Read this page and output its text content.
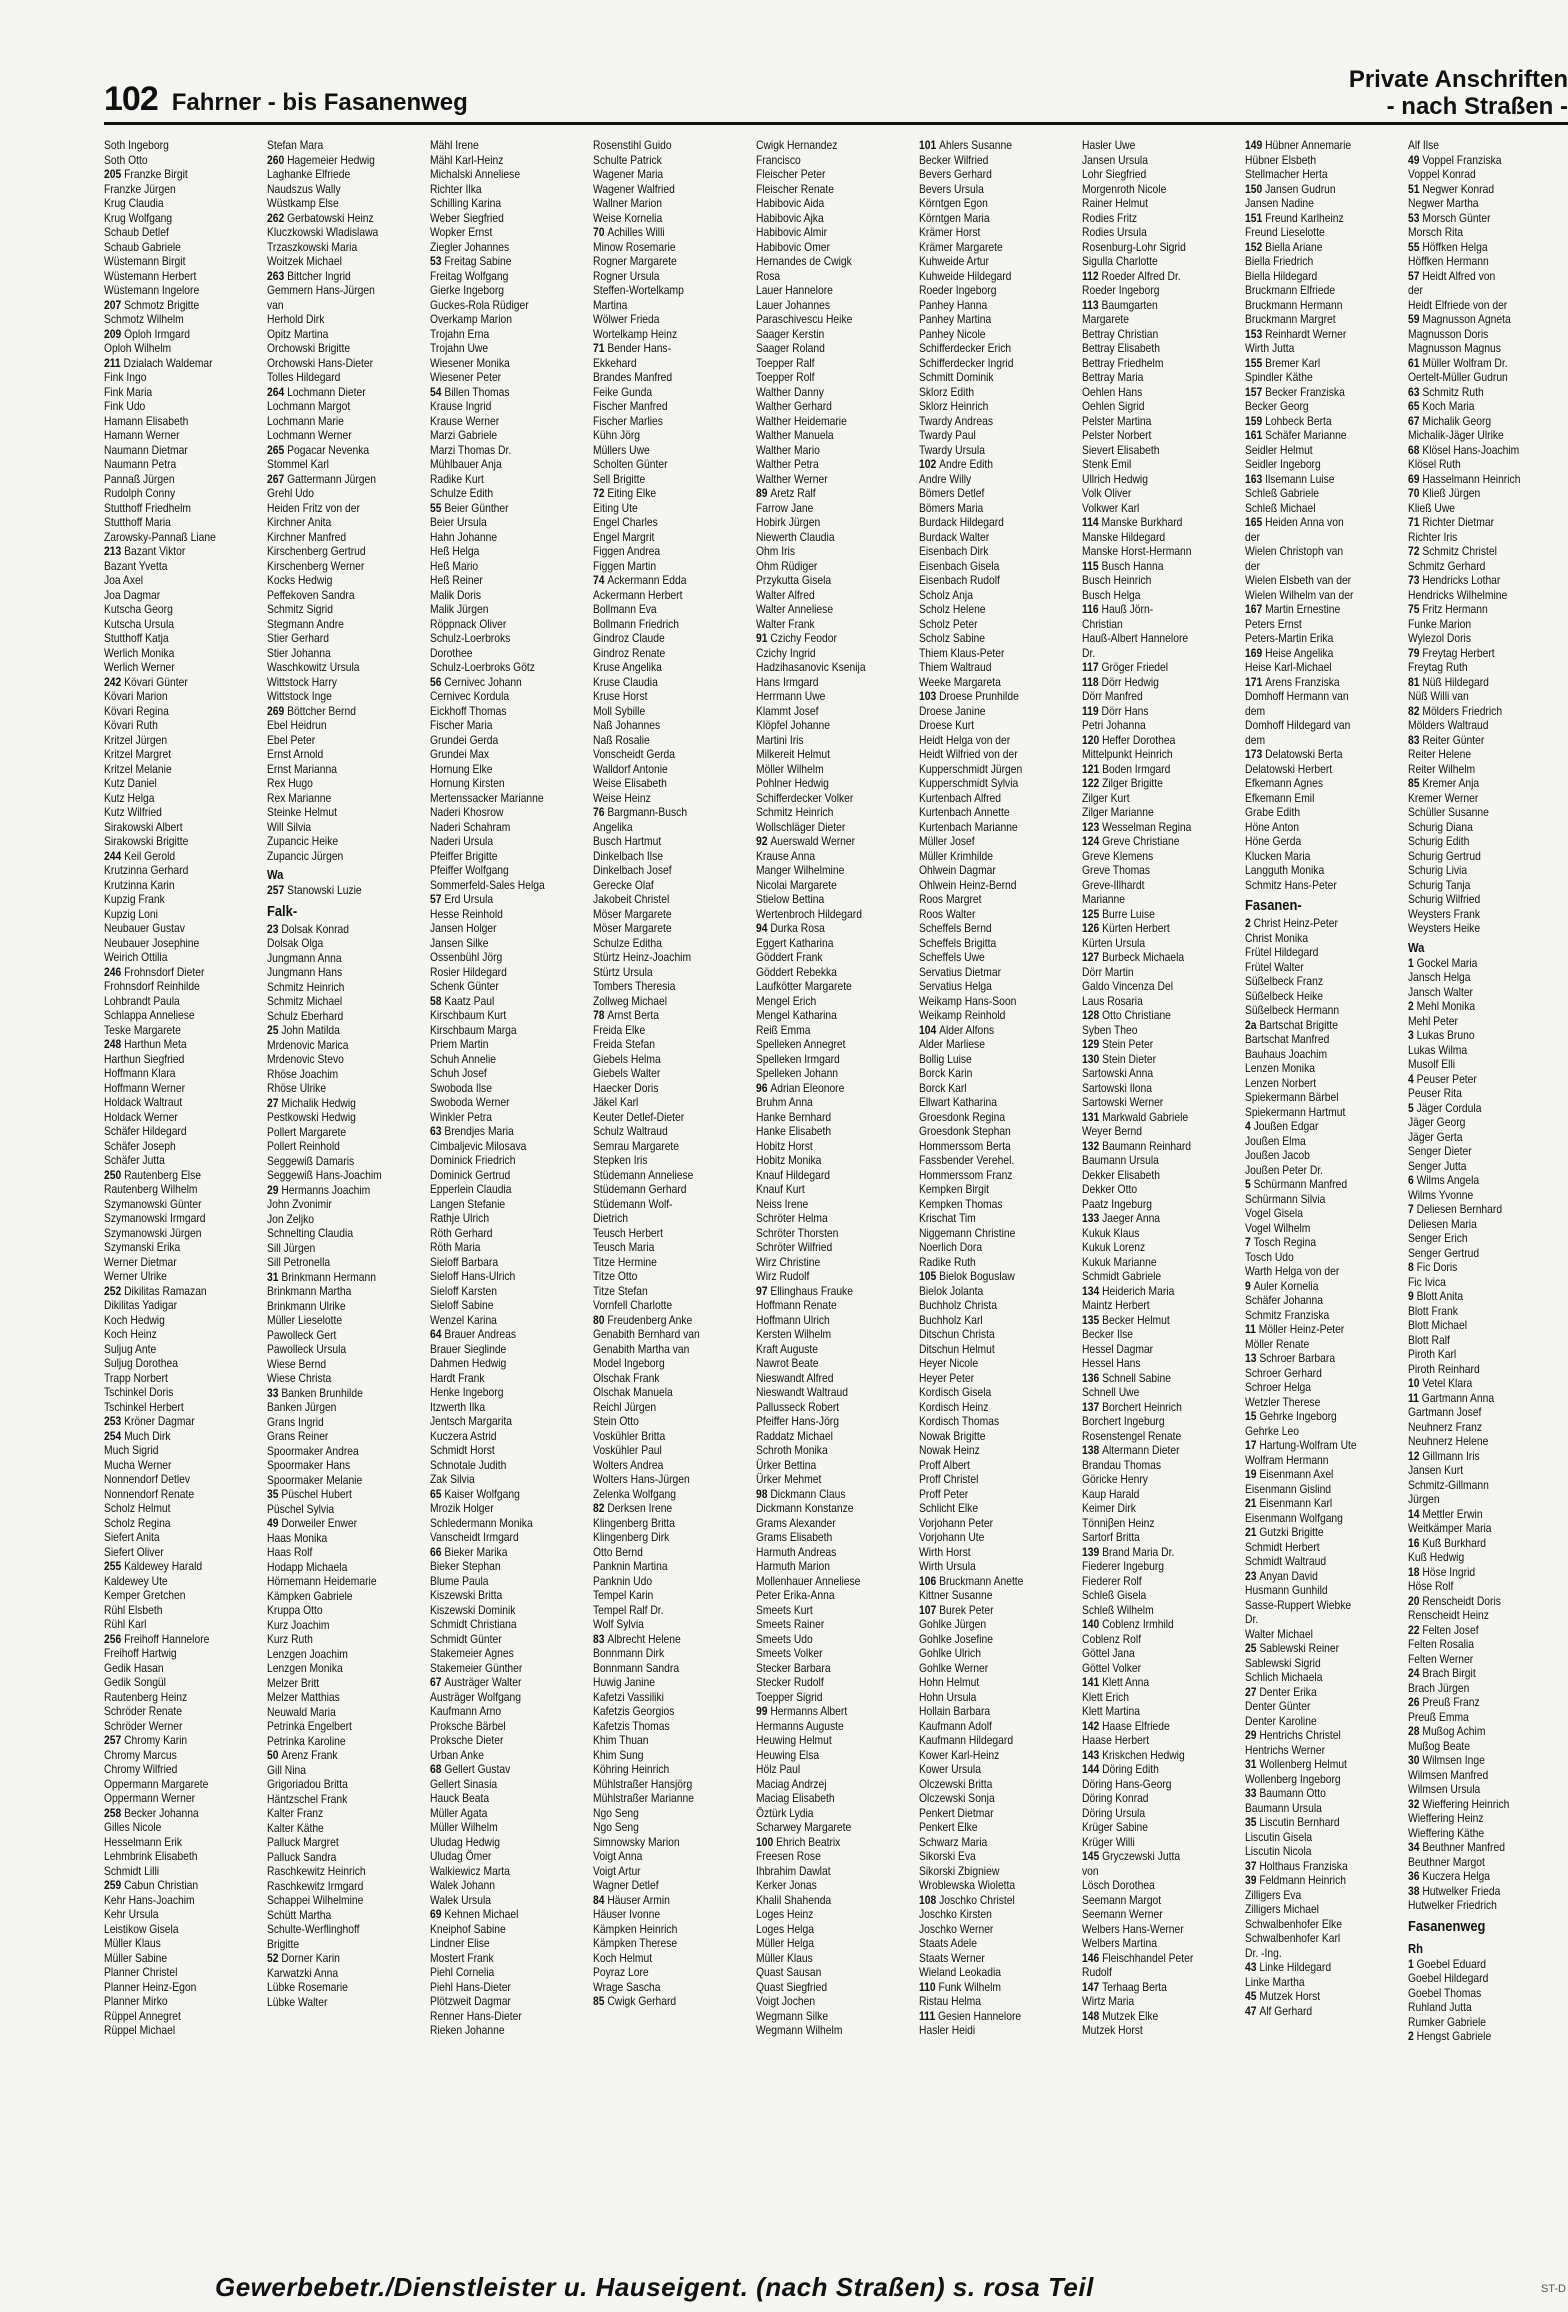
102 Fahrner - bis Fasanenweg
Private Anschriften
- nach Straßen -
Soth Ingeborg
Soth Otto
205 Franzke Birgit
Franzke Jürgen
Krug Claudia
Krug Wolfgang
Schaub Detlef
Schaub Gabriele
Wüstemann Birgit
Wüstemann Herbert
Wüstemann Ingelore
207 Schmotz Brigitte
Schmotz Wilhelm
209 Oploh Irmgard
Oploh Wilhelm
211 Dzialach Waldemar
Fink Ingo
Fink Maria
Fink Udo
Hamann Elisabeth
Hamann Werner
Naumann Dietmar
Naumann Petra
Pannaß Jürgen
Rudolph Conny
Stutthoff Friedhelm
Stutthoff Maria
Zarowsky-Pannaß Liane
213 Bazant Viktor
Bazant Yvetta
Joa Axel
Joa Dagmar
Kutscha Georg
Kutscha Ursula
Stutthoff Katja
Werlich Monika
Werlich Werner
242 Kövari Günter
Kövari Marion
Kövari Regina
Kövari Ruth
Kritzel Jürgen
Kritzel Margret
Kritzel Melanie
Kutz Daniel
Kutz Helga
Kutz Wilfried
Sirakowski Albert
Sirakowski Brigitte
244 Keil Gerold
Krutzinna Gerhard
Krutzinna Karin
Kupzig Frank
Kupzig Loni
Neubauer Gustav
Neubauer Josephine
Weirich Ottilia
246 Frohnsdorf Dieter
Frohnsdorf Reinhilde
Lohbrandt Paula
Schlappa Anneliese
Teske Margarete
248 Harthun Meta
Harthun Siegfried
Hoffmann Klara
Hoffmann Werner
Holdack Waltraut
Holdack Werner
Schäfer Hildegard
Schäfer Joseph
Schäfer Jutta
250 Rautenberg Else
Rautenberg Wilhelm
Szymanowski Günter
Szymanowski Irmgard
Szymanowski Jürgen
Szymanski Erika
Werner Dietmar
Werner Ulrike
252 Dikilitas Ramazan
Dikilitas Yadigar
Koch Hedwig
Koch Heinz
Suljug Ante
Suljug Dorothea
Trapp Norbert
Tschinkel Doris
Tschinkel Herbert
253 Kröner Dagmar
254 Much Dirk
Much Sigrid
Mucha Werner
Nonnendorf Detlev
Nonnendorf Renate
Scholz Helmut
Scholz Regina
Siefert Anita
Siefert Oliver
255 Kaldewey Harald
Kaldewey Ute
Kemper Gretchen
Rühl Elsbeth
Rühl Karl
256 Freihoff Hannelore
Freihoff Hartwig
Gedik Hasan
Gedik Songül
Rautenberg Heinz
Schröder Renate
Schröder Werner
257 Chromy Karin
Chromy Marcus
Chromy Wilfried
Oppermann Margarete
Oppermann Werner
258 Becker Johanna
Gilles Nicole
Hesselmann Erik
Lehmbrink Elisabeth
Schmidt Lilli
259 Cabun Christian
Kehr Hans-Joachim
Kehr Ursula
Leistikow Gisela
Müller Klaus
Müller Sabine
Planner Christel
Planner Heinz-Egon
Planner Mirko
Rüppel Annegret
Rüppel Michael
Stefan Mara
260 Hagemeier Hedwig
Laghanke Elfriede
Naudszus Wally
Wüstkamp Else
262 Gerbatowski Heinz
Kluczkowski Wladislawa
Trzaszkowski Maria
Woitzek Michael
263 Bittcher Ingrid
Gemmern Hans-Jürgen
van
Herhold Dirk
Opitz Martina
Orchowski Brigitte
Orchowski Hans-Dieter
Tolles Hildegard
264 Lochmann Dieter
Lochmann Margot
Lochmann Marie
Lochmann Werner
265 Pogacar Nevenka
Stommel Karl
267 Gattermann Jürgen
Grehl Udo
Heiden Fritz von der
Kirchner Anita
Kirchner Manfred
Kirschenberg Gertrud
Kirschenberg Werner
Kocks Hedwig
Peffekoven Sandra
Schmitz Sigrid
Stegmann Andre
Stier Gerhard
Stier Johanna
Waschkowitz Ursula
Wittstock Harry
Wittstock Inge
269 Böttcher Bernd
Ebel Heidrun
Ebel Peter
Ernst Arnold
Ernst Marianna
Rex Hugo
Rex Marianne
Steinke Helmut
Will Silvia
Zupancic Heike
Zupancic Jürgen
Wa
257 Stanowski Luzie
Falk-
23 Dolsak Konrad
Dolsak Olga
Jungmann Anna
Jungmann Hans
Schmitz Heinrich
Schmitz Michael
Schulz Eberhard
25 John Matilda
Mrdenovic Marica
Mrdenovic Stevo
Rhöse Joachim
Rhöse Ulrike
27 Michalik Hedwig
Pestkowski Hedwig
Pollert Margarete
Pollert Reinhold
Seggewiß Damaris
Seggewiß Hans-Joachim
29 Hermanns Joachim
John Zvonimir
Jon Zeljko
Schnelting Claudia
Sill Jürgen
Sill Petronella
31 Brinkmann Hermann
Brinkmann Martha
Brinkmann Ulrike
Müller Lieselotte
Pawolleck Gert
Pawolleck Ursula
Wiese Bernd
Wiese Christa
33 Banken Brunhilde
Banken Jürgen
Grans Ingrid
Grans Reiner
Spoormaker Andrea
Spoormaker Hans
Spoormaker Melanie
35 Püschel Hubert
Püschel Sylvia
49 Dorweiler Enwer
Haas Monika
Haas Rolf
Hodapp Michaela
Hörnemann Heidemarie
Kämpken Gabriele
Kruppa Otto
Kurz Joachim
Kurz Ruth
Lenzgen Joachim
Lenzgen Monika
Melzer Britt
Melzer Matthias
Neuwald Maria
Petrinka Engelbert
Petrinka Karoline
50 Arenz Frank
Gill Nina
Grigoriadou Britta
Häntzschel Frank
Kalter Franz
Kalter Käthe
Palluck Margret
Palluck Sandra
Raschkewitz Heinrich
Raschkewitz Irmgard
Schappei Wilhelmine
Schütt Martha
Schulte-Werflinghoff
Brigitte
52 Dorner Karin
Karwatzki Anna
Lübke Rosemarie
Lübke Walter
Mähl Irene
Mähl Karl-Heinz
Michalski Anneliese
Richter Ilka
Schilling Karina
Weber Siegfried
Wopker Ernst
Ziegler Johannes
53 Freitag Sabine
Freitag Wolfgang
Gierke Ingeborg
Guckes-Rola Rüdiger
Overkamp Marion
Trojahn Erna
Trojahn Uwe
Wiesener Monika
Wiesener Peter
54 Billen Thomas
Krause Ingrid
Krause Werner
Marzi Gabriele
Marzi Thomas Dr.
Mühlbauer Anja
Radike Kurt
Schulze Edith
55 Beier Günther
Beier Ursula
Hahn Johanne
Heß Helga
Heß Mario
Heß Reiner
Malik Doris
Malik Jürgen
Röppnack Oliver
Schulz-Loerbroks
Dorothee
Schulz-Loerbroks Götz
56 Cernivec Johann
Cernivec Kordula
Eickhoff Thomas
Fischer Maria
Grundei Gerda
Grundei Max
Hornung Elke
Hornung Kirsten
Mertenssacker Marianne
Naderi Khosrow
Naderi Schahram
Naderi Ursula
Pfeiffer Brigitte
Pfeiffer Wolfgang
Sommerfeld-Sales Helga
57 Erd Ursula
Hesse Reinhold
Jansen Holger
Jansen Silke
Ossenbühl Jörg
Rosier Hildegard
Schenk Günter
58 Kaatz Paul
Kirschbaum Kurt
Kirschbaum Marga
Priem Martin
Schuh Annelie
Schuh Josef
Swoboda Ilse
Swoboda Werner
Winkler Petra
63 Brendjes Maria
Cimbaljevic Milosava
Dominick Friedrich
Dominick Gertrud
Epperlein Claudia
Langen Stefanie
Rathje Ulrich
Röth Gerhard
Röth Maria
Sieloff Barbara
Sieloff Hans-Ulrich
Sieloff Karsten
Sieloff Sabine
Wenzel Karina
64 Brauer Andreas
Brauer Sieglinde
Dahmen Hedwig
Hardt Frank
Henke Ingeborg
Itzwerth Ilka
Jentsch Margarita
Kuczera Astrid
Schmidt Horst
Schnotale Judith
Zak Silvia
65 Kaiser Wolfgang
Mrozik Holger
Schledermann Monika
Vanscheidt Irmgard
66 Bieker Marika
Bieker Stephan
Blume Paula
Kiszewski Britta
Kiszewski Dominik
Schmidt Christiana
Schmidt Günter
Stakemeier Agnes
Stakemeier Günther
67 Austräger Walter
Austräger Wolfgang
Kaufmann Arno
Proksche Bärbel
Proksche Dieter
Urban Anke
68 Gellert Gustav
Gellert Sinasia
Hauck Beata
Müller Agata
Müller Wilhelm
Uludag Hedwig
Uludag Ömer
Walkiewicz Marta
Walek Johann
Walek Ursula
69 Kehnen Michael
Kneiphof Sabine
Lindner Elise
Mostert Frank
Piehl Cornelia
Piehl Hans-Dieter
Plötzweit Dagmar
Renner Hans-Dieter
Rieken Johanne
Rosenstihl Guido
Schulte Patrick
Wagener Maria
Wagener Walfried
Wallner Marion
Weise Kornelia
70 Achilles Willi
Minow Rosemarie
Rogner Margarete
Rogner Ursula
Steffen-Wortelkamp
Martina
Wölwer Frieda
Wortelkamp Heinz
71 Bender Hans-
Ekkehard
Brandes Manfred
Feike Gunda
Fischer Manfred
Fischer Marlies
Kühn Jörg
Müllers Uwe
Scholten Günter
Sell Brigitte
72 Eiting Elke
Eiting Ute
Engel Charles
Engel Margrit
Figgen Andrea
Figgen Martin
74 Ackermann Edda
Ackermann Herbert
Bollmann Eva
Bollmann Friedrich
Gindroz Claude
Gindroz Renate
Kruse Angelika
Kruse Claudia
Kruse Horst
Moll Sybille
Naß Johannes
Naß Rosalie
Vonscheidt Gerda
Walldorf Antonie
Weise Elisabeth
Weise Heinz
76 Bargmann-Busch
Angelika
Busch Hartmut
Dinkelbach Ilse
Dinkelbach Josef
Gerecke Olaf
Jakobeit Christel
Möser Margarete
Möser Margarete
Schulze Editha
Stürtz Heinz-Joachim
Stürtz Ursula
Tombers Theresia
Zollweg Michael
78 Arnst Berta
Freida Elke
Freida Stefan
Giebels Helma
Giebels Walter
Haecker Doris
Jäkel Karl
Keuter Detlef-Dieter
Schulz Waltraud
Semrau Margarete
Stepken Iris
Stüdemann Anneliese
Stüdemann Gerhard
Stüdemann Wolf-
Dietrich
Teusch Herbert
Teusch Maria
Titze Hermine
Titze Otto
Titze Stefan
Vornfell Charlotte
80 Freudenberg Anke
Genabith Bernhard van
Genabith Martha van
Model Ingeborg
Olschak Frank
Olschak Manuela
Reichl Jürgen
Stein Otto
Voskühler Britta
Voskühler Paul
Wolters Andrea
Wolters Hans-Jürgen
Zelenka Wolfgang
82 Derksen Irene
Klingenberg Britta
Klingenberg Dirk
Otto Bernd
Panknin Martina
Panknin Udo
Tempel Karin
Tempel Ralf Dr.
Wolf Sylvia
83 Albrecht Helene
Bonnmann Dirk
Bonnmann Sandra
Huwig Janine
Kafetzi Vassiliki
Kafetzis Georgios
Kafetzis Thomas
Khim Thuan
Khim Sung
Köhring Heinrich
Mühlstraßer Hansjörg
Mühlstraßer Marianne
Ngo Seng
Ngo Seng
Simnowsky Marion
Voigt Anna
Voigt Artur
Wagner Detlef
84 Häuser Armin
Häuser Ivonne
Kämpken Heinrich
Kämpken Therese
Koch Helmut
Poyraz Lore
Wrage Sascha
85 Cwigk Gerhard
Cwigk Hernandez
Francisco
Fleischer Peter
Fleischer Renate
Habibovic Aida
Habibovic Ajka
Habibovic Almir
Habibovic Omer
Hernandes de Cwigk
Rosa
Lauer Hannelore
Lauer Johannes
Paraschivescu Heike
Saager Kerstin
Saager Roland
Toepper Ralf
Toepper Rolf
Walther Danny
Walther Gerhard
Walther Heidemarie
Walther Manuela
Walther Mario
Walther Petra
Walther Werner
89 Aretz Ralf
Farrow Jane
Hobirk Jürgen
Niewerth Claudia
Ohm Iris
Ohm Rüdiger
Przykutta Gisela
Walter Alfred
Walter Anneliese
Walter Frank
91 Czichy Feodor
Czichy Ingrid
Hadzihasanovic Ksenija
Hans Irmgard
Herrmann Uwe
Klammt Josef
Klöpfel Johanne
Martini Iris
Milkereit Helmut
Möller Wilhelm
Pohlner Hedwig
Schifferdecker Volker
Schmitz Heinrich
Wollschläger Dieter
92 Auerswald Werner
Krause Anna
Manger Wilhelmine
Nicolai Margarete
Stielow Bettina
Wertenbroch Hildegard
94 Durka Rosa
Eggert Katharina
Göddert Frank
Göddert Rebekka
Laufkötter Margarete
Mengel Erich
Mengel Katharina
Reiß Emma
Spelleken Annegret
Spelleken Irmgard
Spelleken Johann
96 Adrian Eleonore
Bruhm Anna
Hanke Bernhard
Hanke Elisabeth
Hobitz Horst
Hobitz Monika
Knauf Hildegard
Knauf Kurt
Neiss Irene
Schröter Helma
Schröter Thorsten
Schröter Wilfried
Wirz Christine
Wirz Rudolf
97 Ellinghaus Frauke
Hoffmann Renate
Hoffmann Ulrich
Kersten Wilhelm
Kraft Auguste
Nawrot Beate
Nieswandt Alfred
Nieswandt Waltraud
Pallusseck Robert
Pfeiffer Hans-Jörg
Raddatz Michael
Schroth Monika
Ürker Bettina
Ürker Mehmet
98 Dickmann Claus
Dickmann Konstanze
Grams Alexander
Grams Elisabeth
Harmuth Andreas
Harmuth Marion
Mollenhauer Anneliese
Peter Erika-Anna
Smeets Kurt
Smeets Rainer
Smeets Udo
Smeets Volker
Stecker Barbara
Stecker Rudolf
Toepper Sigrid
99 Hermanns Albert
Hermanns Auguste
Heuwing Helmut
Heuwing Elsa
Hölz Paul
Maciag Andrzej
Maciag Elisabeth
Öztürk Lydia
Scharwey Margarete
100 Ehrich Beatrix
Freesen Rose
Ihbrahim Dawlat
Kerker Jonas
Khalil Shahenda
Loges Heinz
Loges Helga
Müller Helga
Müller Klaus
Quast Sausan
Quast Siegfried
Voigt Jochen
Wegmann Silke
Wegmann Wilhelm
101 Ahlers Susanne
Becker Wilfried
Bevers Gerhard
Bevers Ursula
Körntgen Egon
Körntgen Maria
Krämer Horst
Krämer Margarete
Kuhweide Artur
Kuhweide Hildegard
Roeder Ingeborg
Panhey Hanna
Panhey Martina
Panhey Nicole
Schifferdecker Erich
Schifferdecker Ingrid
Schmitt Dominik
Sklorz Edith
Sklorz Heinrich
Twardy Andreas
Twardy Paul
Twardy Ursula
102 Andre Edith
Andre Willy
Bömers Detlef
Bömers Maria
Burdack Hildegard
Burdack Walter
Eisenbach Dirk
Eisenbach Gisela
Eisenbach Rudolf
Scholz Anja
Scholz Helene
Scholz Peter
Scholz Sabine
Thiem Klaus-Peter
Thiem Waltraud
Weeke Margareta
103 Droese Prunhilde
Droese Janine
Droese Kurt
Heidt Helga von der
Heidt Wilfried von der
Kupperschmidt Jürgen
Kupperschmidt Sylvia
Kurtenbach Alfred
Kurtenbach Annette
Kurtenbach Marianne
Müller Josef
Müller Krimhilde
Ohlwein Dagmar
Ohlwein Heinz-Bernd
Roos Margret
Roos Walter
Scheffels Bernd
Scheffels Brigitta
Scheffels Uwe
Servatius Dietmar
Servatius Helga
Weikamp Hans-Soon
Weikamp Reinhold
104 Alder Alfons
Alder Marliese
Bollig Luise
Borck Karin
Borck Karl
Ellwart Katharina
Groesdonk Regina
Groesdonk Stephan
Hommerssom Berta
Fassbender Verehel.
Hommerssom Franz
Kempken Birgit
Kempken Thomas
Krischat Tim
Niggemann Christine
Noerlich Dora
Radike Ruth
105 Bielok Boguslaw
Bielok Jolanta
Buchholz Christa
Buchholz Karl
Ditschun Christa
Ditschun Helmut
Heyer Nicole
Heyer Peter
Kordisch Gisela
Kordisch Heinz
Kordisch Thomas
Nowak Brigitte
Nowak Heinz
Proff Albert
Proff Christel
Proff Peter
Schlicht Elke
Vorjohann Peter
Vorjohann Ute
Wirth Horst
Wirth Ursula
106 Bruckmann Anette
Kittner Susanne
107 Burek Peter
Gohlke Jürgen
Gohlke Josefine
Gohlke Ulrich
Gohlke Werner
Hohn Helmut
Hohn Ursula
Hollain Barbara
Kaufmann Adolf
Kaufmann Hildegard
Kower Karl-Heinz
Kower Ursula
Olczewski Britta
Olczewski Sonja
Penkert Dietmar
Penkert Elke
Schwarz Maria
Sikorski Eva
Sikorski Zbigniew
Wroblewska Wioletta
108 Joschko Christel
Joschko Kirsten
Joschko Werner
Staats Adele
Staats Werner
Wieland Leokadia
110 Funk Wilhelm
Ristau Helma
111 Gesien Hannelore
Hasler Heidi
Hasler Uwe
Jansen Ursula
Lohr Siegfried
Morgenroth Nicole
Rainer Helmut
Rodies Fritz
Rodies Ursula
Rosenburg-Lohr Sigrid
Sigulla Charlotte
112 Roeder Alfred Dr.
Roeder Ingeborg
113 Baumgarten
Margarete
Bettray Christian
Bettray Elisabeth
Bettray Friedhelm
Bettray Maria
Oehlen Hans
Oehlen Sigrid
Pelster Martina
Pelster Norbert
Sievert Elisabeth
Stenk Emil
Ullrich Hedwig
Volk Oliver
Volkwer Karl
114 Manske Burkhard
Manske Hildegard
Manske Horst-Hermann
115 Busch Hanna
Busch Heinrich
Busch Helga
116 Hauß Jörn-
Christian
Hauß-Albert Hannelore
Dr.
117 Gröger Friedel
118 Dörr Hedwig
Dörr Manfred
119 Dörr Hans
Petri Johanna
120 Heffer Dorothea
Mittelpunkt Heinrich
121 Boden Irmgard
122 Zilger Brigitte
Zilger Kurt
Zilger Marianne
123 Wesselman Regina
124 Greve Christiane
Greve Klemens
Greve Thomas
Greve-Illhardt
Marianne
125 Burre Luise
126 Kürten Herbert
Kürten Ursula
127 Burbeck Michaela
Dörr Martin
Galdo Vincenza Del
Laus Rosaria
128 Otto Christiane
Syben Theo
129 Stein Peter
130 Stein Dieter
Sartowski Anna
Sartowski Ilona
Sartowski Werner
131 Markwald Gabriele
Weyer Bernd
132 Baumann Reinhard
Baumann Ursula
Dekker Elisabeth
Dekker Otto
Paatz Ingeburg
133 Jaeger Anna
Kukuk Klaus
Kukuk Lorenz
Kukuk Marianne
Schmidt Gabriele
134 Heiderich Maria
Maintz Herbert
135 Becker Helmut
Becker Ilse
Hessel Dagmar
Hessel Hans
136 Schnell Sabine
Schnell Uwe
137 Borchert Heinrich
Borchert Ingeburg
Rosenstengel Renate
138 Altermann Dieter
Brandau Thomas
Göricke Henry
Kaup Harald
Keimer Dirk
Tönniβen Heinz
Sartorf Britta
139 Brand Maria Dr.
Fiederer Ingeburg
Fiederer Rolf
Schleß Gisela
Schleß Wilhelm
140 Coblenz Irmhild
Coblenz Rolf
Göttel Jana
Göttel Volker
141 Klett Anna
Klett Erich
Klett Martina
142 Haase Elfriede
Haase Herbert
143 Kriskchen Hedwig
144 Döring Edith
Döring Hans-Georg
Döring Konrad
Döring Ursula
Krüger Sabine
Krüger Willi
145 Gryczewski Jutta
von
Lösch Dorothea
Seemann Margot
Seemann Werner
Welbers Hans-Werner
Welbers Martina
146 Fleischhandel Peter
Rudolf
147 Terhaag Berta
Wirtz Maria
148 Mutzek Elke
Mutzek Horst
149 Hübner Annemarie
Hübner Elsbeth
Stellmacher Herta
150 Jansen Gudrun
Jansen Nadine
151 Freund Karlheinz
Freund Lieselotte
152 Biella Ariane
Biella Friedrich
Biella Hildegard
Bruckmann Elfriede
Bruckmann Hermann
Bruckmann Margret
153 Reinhardt Werner
Wirth Jutta
155 Bremer Karl
Spindler Käthe
157 Becker Franziska
Becker Georg
159 Lohbeck Berta
161 Schäfer Marianne
Seidler Helmut
Seidler Ingeborg
163 Ilsemann Luise
Schleß Gabriele
Schleß Michael
165 Heiden Anna von
der
Wielen Christoph van
der
Wielen Elsbeth van der
Wielen Wilhelm van der
167 Martin Ernestine
Peters Ernst
Peters-Martin Erika
169 Heise Angelika
Heise Karl-Michael
171 Arens Franziska
Domhoff Hermann van
dem
Domhoff Hildegard van
dem
173 Delatowski Berta
Delatowski Herbert
Efkemann Agnes
Efkemann Emil
Grabe Edith
Höne Anton
Höne Gerda
Klucken Maria
Langguth Monika
Schmitz Hans-Peter
Fasanen-
2 Christ Heinz-Peter
Christ Monika
Frütel Hildegard
Frütel Walter
Süßelbeck Franz
Süßelbeck Heike
Süßelbeck Hermann
2a Bartschat Brigitte
Bartschat Manfred
Bauhaus Joachim
Lenzen Monika
Lenzen Norbert
Spiekermann Bärbel
Spiekermann Hartmut
4 Joußen Edgar
Joußen Elma
Joußen Jacob
Joußen Peter Dr.
5 Schürmann Manfred
Schürmann Silvia
Vogel Gisela
Vogel Wilhelm
7 Tosch Regina
Tosch Udo
Warth Helga von der
9 Auler Kornelia
Schäfer Johanna
Schmitz Franziska
11 Möller Heinz-Peter
Möller Renate
13 Schroer Barbara
Schroer Gerhard
Schroer Helga
Wetzler Therese
15 Gehrke Ingeborg
Gehrke Leo
17 Hartung-Wolfram Ute
Wolfram Hermann
19 Eisenmann Axel
Eisenmann Gislind
21 Eisenmann Karl
Eisenmann Wolfgang
21 Gutzki Brigitte
Schmidt Herbert
Schmidt Waltraud
23 Anyan David
Husmann Gunhild
Sasse-Ruppert Wiebke
Dr.
Walter Michael
25 Sablewski Reiner
Sablewski Sigrid
Schlich Michaela
27 Denter Erika
Denter Günter
Denter Karoline
29 Hentrichs Christel
Hentrichs Werner
31 Wollenberg Helmut
Wollenberg Ingeborg
33 Baumann Otto
Baumann Ursula
35 Liscutin Bernhard
Liscutin Gisela
Liscutin Nicola
37 Holthaus Franziska
39 Feldmann Heinrich
Zilligers Eva
Zilligers Michael
Schwalbenhofer Elke
Schwalbenhofer Karl
Dr. -Ing.
43 Linke Hildegard
Linke Martha
45 Mutzek Horst
47 Alf Gerhard
Alf Ilse
49 Voppel Franziska
Voppel Konrad
51 Negwer Konrad
Negwer Martha
53 Morsch Günter
Morsch Rita
55 Höffken Helga
Höffken Hermann
57 Heidt Alfred von
der
Heidt Elfriede von der
59 Magnusson Agneta
Magnusson Doris
Magnusson Magnus
61 Müller Wolfram Dr.
Oertelt-Müller Gudrun
63 Schmitz Ruth
65 Koch Maria
67 Michalik Georg
Michalik-Jäger Ulrike
68 Klösel Hans-Joachim
Klösel Ruth
69 Hasselmann Heinrich
70 Kließ Jürgen
Kließ Uwe
71 Richter Dietmar
Richter Iris
72 Schmitz Christel
Schmitz Gerhard
73 Hendricks Lothar
Hendricks Wilhelmine
75 Fritz Hermann
Funke Marion
Wylezol Doris
79 Freytag Herbert
Freytag Ruth
81 Nüß Hildegard
Nüß Willi van
82 Mölders Friedrich
Mölders Waltraud
83 Reiter Günter
Reiter Helene
Reiter Wilhelm
85 Kremer Anja
Kremer Werner
Schüller Susanne
Schurig Diana
Schurig Edith
Schurig Gertrud
Schurig Livia
Schurig Tanja
Schurig Wilfried
Weysters Frank
Weysters Heike
Wa
1 Gockel Maria
Jansch Helga
Jansch Walter
2 Mehl Monika
Mehl Peter
3 Lukas Bruno
Lukas Wilma
Musolf Elli
4 Peuser Peter
Peuser Rita
5 Jäger Cordula
Jäger Georg
Jäger Gerta
Senger Dieter
Senger Jutta
6 Wilms Angela
Wilms Yvonne
7 Deliesen Bernhard
Deliesen Maria
Senger Erich
Senger Gertrud
8 Fic Doris
Fic Ivica
9 Blott Anita
Blott Frank
Blott Michael
Blott Ralf
Piroth Karl
Piroth Reinhard
10 Vetel Klara
11 Gartmann Anna
Gartmann Josef
Neuhnerz Franz
Neuhnerz Helene
12 Gillmann Iris
Jansen Kurt
Schmitz-Gillmann
Jürgen
14 Mettler Erwin
Weitkämper Maria
16 Kuß Burkhard
Kuß Hedwig
18 Höse Ingrid
Höse Rolf
20 Renscheidt Doris
Renscheidt Heinz
22 Felten Josef
Felten Rosalia
Felten Werner
24 Brach Birgit
Brach Jürgen
26 Preuß Franz
Preuß Emma
28 Mußog Achim
Mußog Beate
30 Wilmsen Inge
Wilmsen Manfred
Wilmsen Ursula
32 Wieffering Heinrich
Wieffering Heinz
Wieffering Käthe
34 Beuthner Manfred
Beuthner Margot
36 Kuczera Helga
38 Hutwelker Frieda
Hutwelker Friedrich
Fasanenweg
Rh
1 Goebel Eduard
Goebel Hildegard
Goebel Thomas
Ruhland Jutta
Rumker Gabriele
2 Hengst Gabriele
Gewerbebetr./Dienstleister u. Hauseigent. (nach Straßen) s. rosa Teil	ST-D
